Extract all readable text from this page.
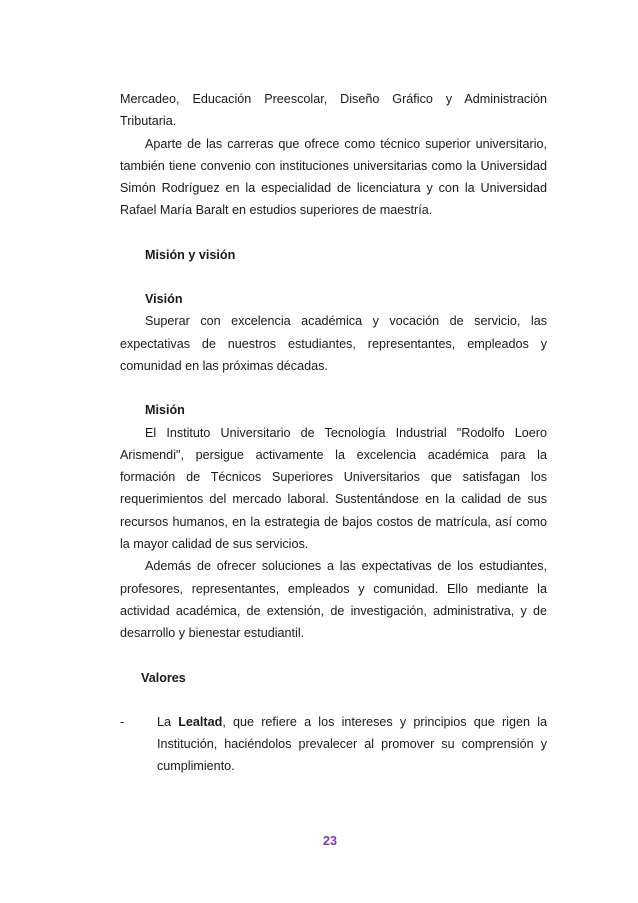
Mercadeo, Educación Preescolar, Diseño Gráfico y Administración Tributaria.

Aparte de las carreras que ofrece como técnico superior universitario, también tiene convenio con instituciones universitarias como la Universidad Simón Rodríguez en la especialidad de licenciatura y con la Universidad Rafael María Baralt en estudios superiores de maestría.

Misión y visión

Visión

Superar con excelencia académica y vocación de servicio, las expectativas de nuestros estudiantes, representantes, empleados y comunidad en las próximas décadas.

Misión

El Instituto Universitario de Tecnología Industrial "Rodolfo Loero Arismendi", persigue activamente la excelencia académica para la formación de Técnicos Superiores Universitarios que satisfagan los requerimientos del mercado laboral. Sustentándose en la calidad de sus recursos humanos, en la estrategia de bajos costos de matrícula, así como la mayor calidad de sus servicios.

Además de ofrecer soluciones a las expectativas de los estudiantes, profesores, representantes, empleados y comunidad. Ello mediante la actividad académica, de extensión, de investigación, administrativa, y de desarrollo y bienestar estudiantil.

Valores

-	La Lealtad, que refiere a los intereses y principios que rigen la Institución, haciéndolos prevalecer al promover su comprensión y cumplimiento.
23
